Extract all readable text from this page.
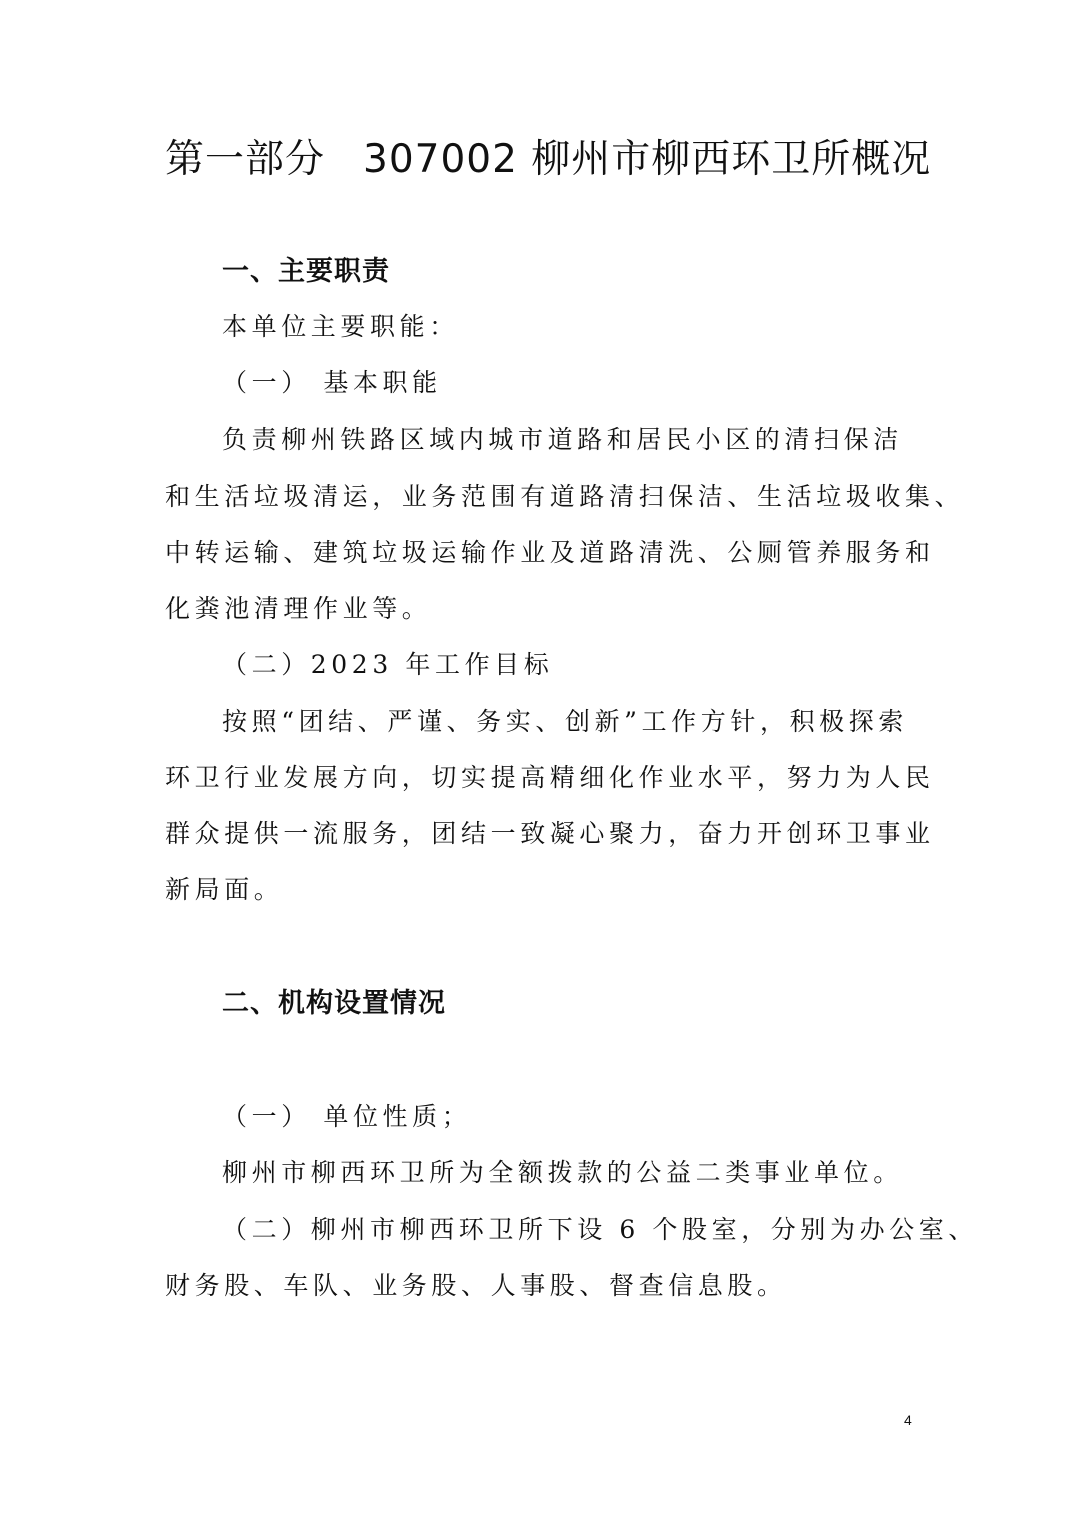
第一部分 307002 柳州市柳西环卫所概况
一、主要职责
本单位主要职能：
（一） 基本职能
负责柳州铁路区域内城市道路和居民小区的清扫保洁
和生活垃圾清运，业务范围有道路清扫保洁、生活垃圾收集、
中转运输、建筑垃圾运输作业及道路清洗、公厕管养服务和
化粪池清理作业等。
（二）2023 年工作目标
按照“团结、严谨、务实、创新”工作方针，积极探索
环卫行业发展方向，切实提高精细化作业水平，努力为人民
群众提供一流服务，团结一致凝心聚力，奋力开创环卫事业
新局面。
二、机构设置情况
（一） 单位性质；
柳州市柳西环卫所为全额拨款的公益二类事业单位。
（二）柳州市柳西环卫所下设 6 个股室，分别为办公室、
财务股、车队、业务股、人事股、督查信息股。
4
